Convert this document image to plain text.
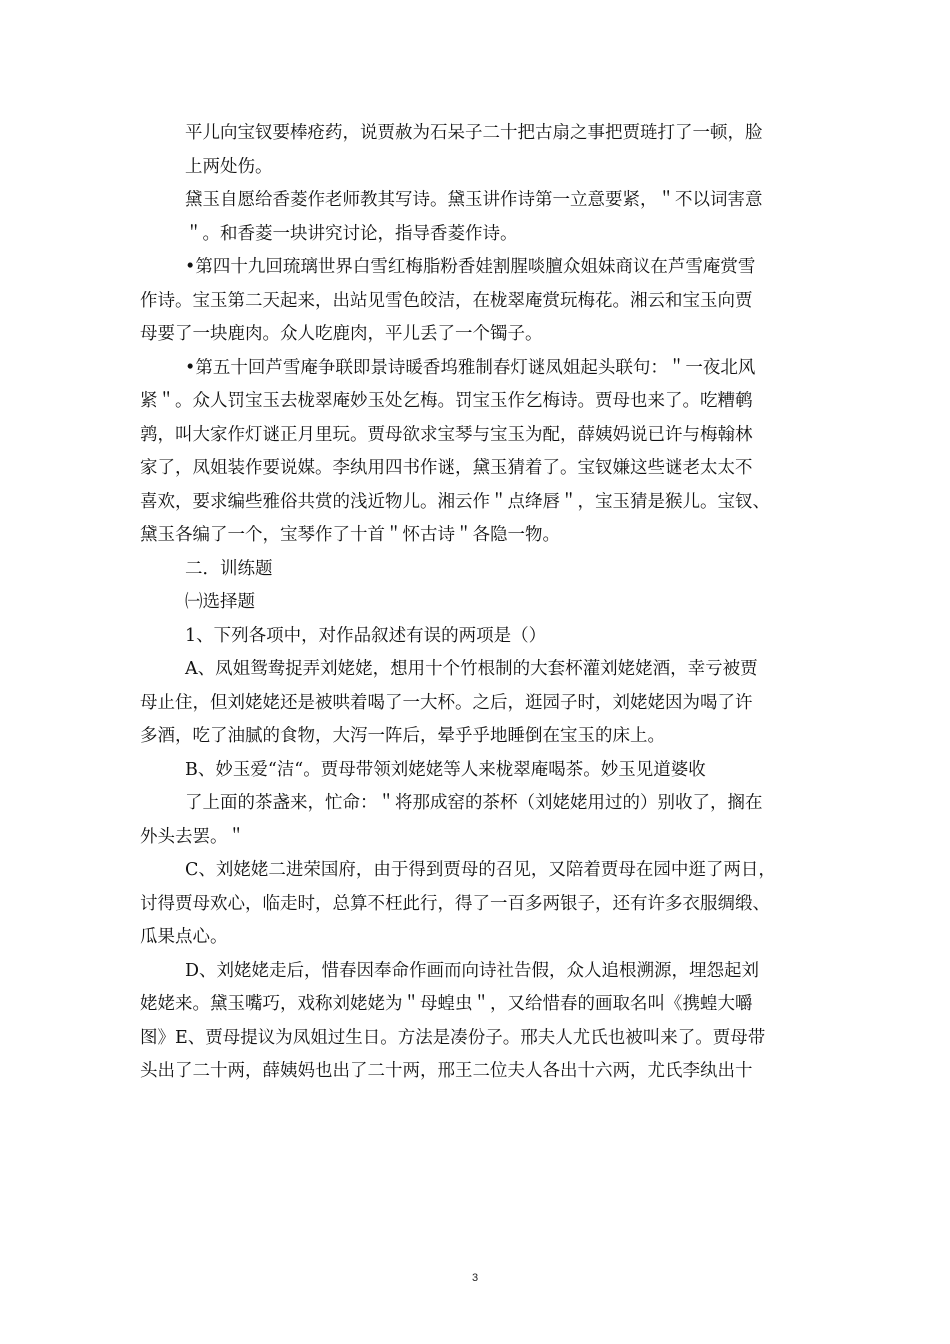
平儿向宝钗要棒疮药，说贾赦为石呆子二十把古扇之事把贾琏打了一顿，脸
上两处伤。
黛玉自愿给香菱作老师教其写诗。黛玉讲作诗第一立意要紧，＂不以词害意
＂。和香菱一块讲究讨论，指导香菱作诗。
•第四十九回琉璃世界白雪红梅脂粉香娃割腥啖膻众姐妹商议在芦雪庵赏雪
作诗。宝玉第二天起来，出站见雪色皎洁，在栊翠庵赏玩梅花。湘云和宝玉向贾
母要了一块鹿肉。众人吃鹿肉，平儿丢了一个镯子。
•第五十回芦雪庵争联即景诗暖香坞雅制春灯谜凤姐起头联句：＂一夜北风
紧＂。众人罚宝玉去栊翠庵妙玉处乞梅。罚宝玉作乞梅诗。贾母也来了。吃糟鹌
鹑，叫大家作灯谜正月里玩。贾母欲求宝琴与宝玉为配，薛姨妈说已许与梅翰林
家了，凤姐装作要说媒。李纨用四书作谜，黛玉猜着了。宝钗嫌这些谜老太太不
喜欢，要求编些雅俗共赏的浅近物儿。湘云作＂点绛唇＂，宝玉猜是猴儿。宝钗、
黛玉各编了一个，宝琴作了十首＂怀古诗＂各隐一物。
二．训练题
㈠选择题
1、下列各项中，对作品叙述有误的两项是（）
A、凤姐鸳鸯捉弄刘姥姥，想用十个竹根制的大套杯灌刘姥姥酒，幸亏被贾
母止住，但刘姥姥还是被哄着喝了一大杯。之后，逛园子时，刘姥姥因为喝了许
多酒，吃了油腻的食物，大泻一阵后，晕乎乎地睡倒在宝玉的床上。
B、妙玉爱“洁“。贾母带领刘姥姥等人来栊翠庵喝茶。妙玉见道婆收
了上面的茶盏来，忙命：＂将那成窑的茶杯（刘姥姥用过的）别收了，搁在
外头去罢。＂
C、刘姥姥二进荣国府，由于得到贾母的召见，又陪着贾母在园中逛了两日，
讨得贾母欢心，临走时，总算不枉此行，得了一百多两银子，还有许多衣服绸缎、
瓜果点心。
D、刘姥姥走后，惜春因奉命作画而向诗社告假，众人追根溯源，埋怨起刘
姥姥来。黛玉嘴巧，戏称刘姥姥为＂母蝗虫＂，又给惜春的画取名叫《携蝗大嚼
图》E、贾母提议为凤姐过生日。方法是凑份子。邢夫人尤氏也被叫来了。贾母带
头出了二十两，薛姨妈也出了二十两，邢王二位夫人各出十六两，尤氏李纨出十
3
